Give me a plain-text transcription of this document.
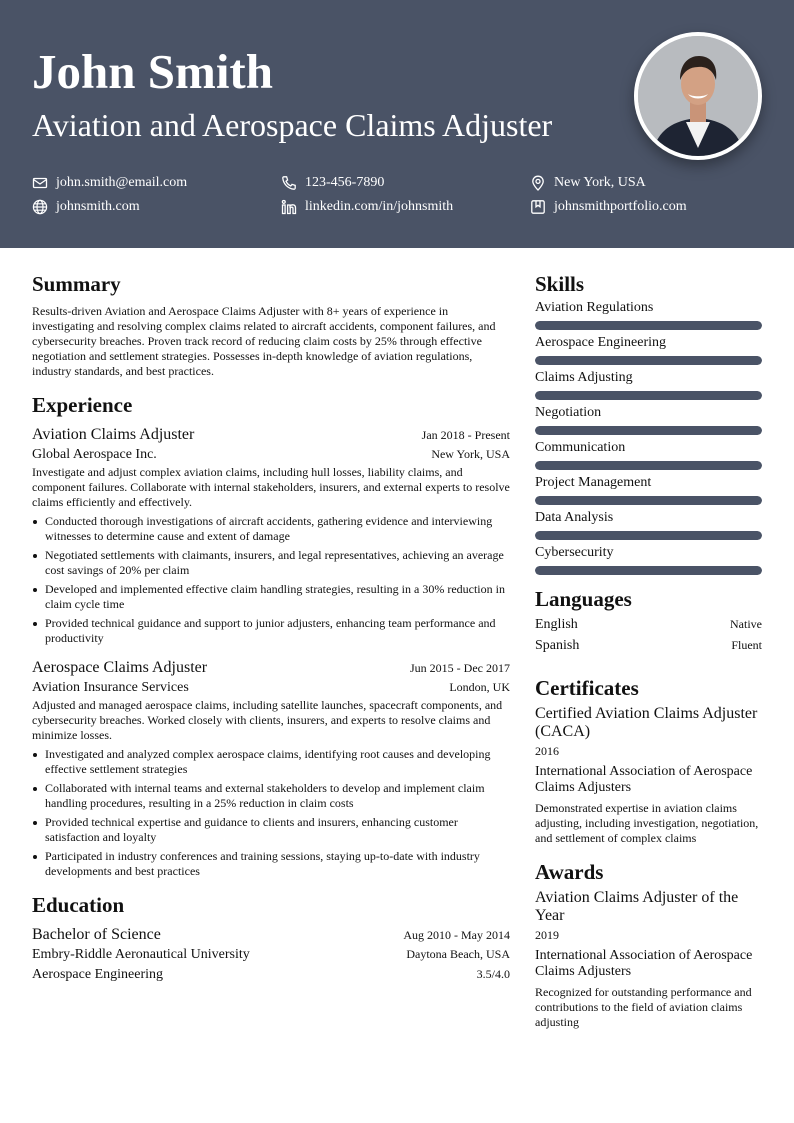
John Smith
Aviation and Aerospace Claims Adjuster
john.smith@email.com	123-456-7890	New York, USA
johnsmith.com	linkedin.com/in/johnsmith	johnsmithportfolio.com
Summary

Results-driven Aviation and Aerospace Claims Adjuster with 8+ years of experience in investigating and resolving complex claims related to aircraft accidents, component failures, and cybersecurity breaches. Proven track record of reducing claim costs by 25% through effective negotiation and settlement strategies. Possesses in-depth knowledge of aviation regulations, industry standards, and best practices.

Experience
Aviation Claims Adjuster	Jan 2018 - Present
Global Aerospace Inc.	New York, USA

Investigate and adjust complex aviation claims, including hull losses, liability claims, and component failures. Collaborate with internal stakeholders, insurers, and external experts to resolve claims efficiently and effectively.

Conducted thorough investigations of aircraft accidents, gathering evidence and interviewing witnesses to determine cause and extent of damage
Negotiated settlements with claimants, insurers, and legal representatives, achieving an average cost savings of 20% per claim
Developed and implemented effective claim handling strategies, resulting in a 30% reduction in claim cycle time
Provided technical guidance and support to junior adjusters, enhancing team performance and productivity
Aerospace Claims Adjuster	Jun 2015 - Dec 2017
Aviation Insurance Services	London, UK

Adjusted and managed aerospace claims, including satellite launches, spacecraft components, and cybersecurity breaches. Worked closely with clients, insurers, and experts to resolve claims and minimize losses.

Investigated and analyzed complex aerospace claims, identifying root causes and developing effective settlement strategies
Collaborated with internal teams and external stakeholders to develop and implement claim handling procedures, resulting in a 25% reduction in claim costs
Provided technical expertise and guidance to clients and insurers, enhancing customer satisfaction and loyalty
Participated in industry conferences and training sessions, staying up-to-date with industry developments and best practices
Education
Bachelor of Science	Aug 2010 - May 2014
Embry-Riddle Aeronautical University	Daytona Beach, USA
Aerospace Engineering	3.5/4.0
Skills
Aviation Regulations
Aerospace Engineering
Claims Adjusting
Negotiation
Communication
Project Management
Data Analysis
Cybersecurity
Languages
English	Native
Spanish	Fluent
Certificates
Certified Aviation Claims Adjuster (CACA)
2016
International Association of Aerospace Claims Adjusters
Demonstrated expertise in aviation claims adjusting, including investigation, negotiation, and settlement of complex claims
Awards
Aviation Claims Adjuster of the Year
2019
International Association of Aerospace Claims Adjusters
Recognized for outstanding performance and contributions to the field of aviation claims adjusting
